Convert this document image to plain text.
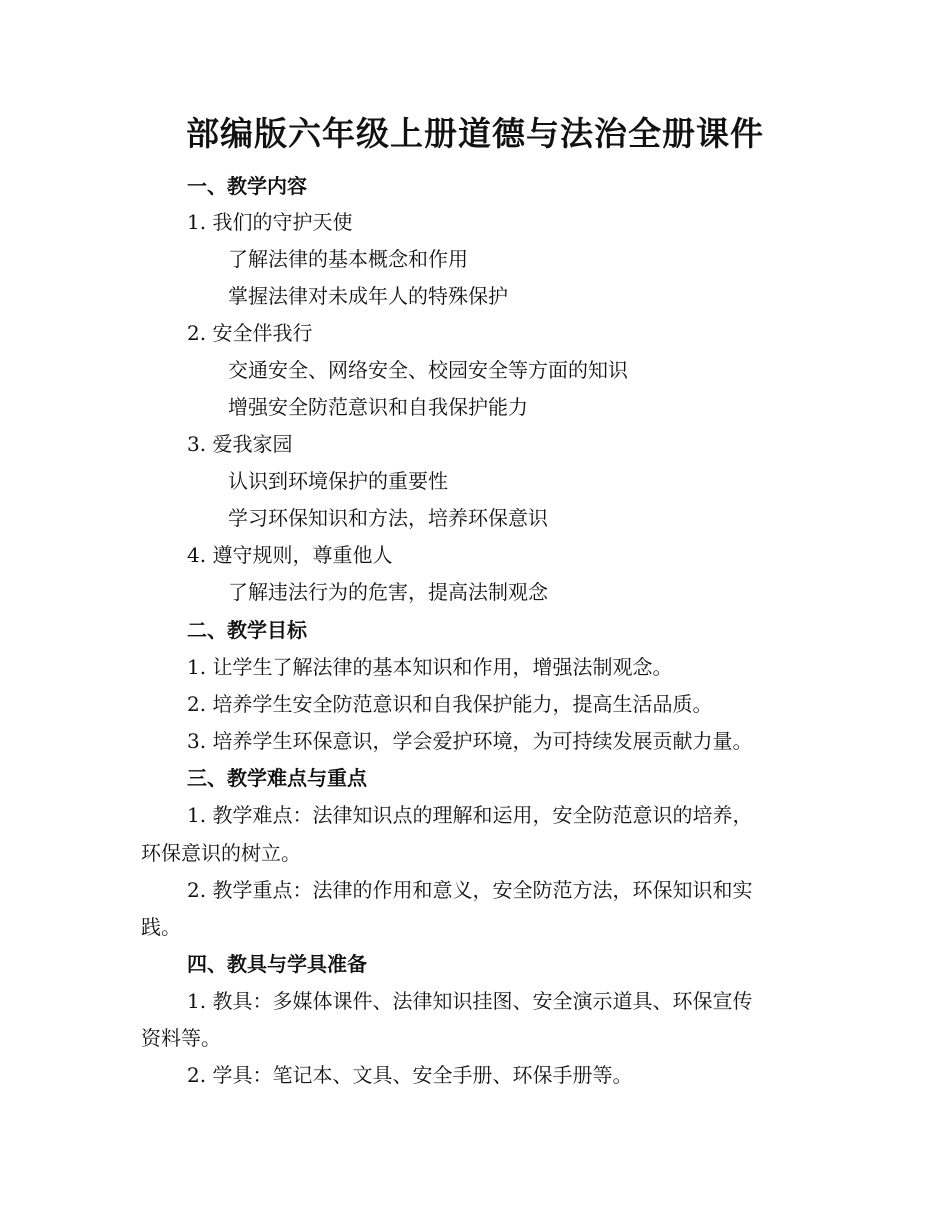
部编版六年级上册道德与法治全册课件
一、教学内容
1. 我们的守护天使
了解法律的基本概念和作用
掌握法律对未成年人的特殊保护
2. 安全伴我行
交通安全、网络安全、校园安全等方面的知识
增强安全防范意识和自我保护能力
3. 爱我家园
认识到环境保护的重要性
学习环保知识和方法，培养环保意识
4. 遵守规则，尊重他人
了解违法行为的危害，提高法制观念
二、教学目标
1. 让学生了解法律的基本知识和作用，增强法制观念。
2. 培养学生安全防范意识和自我保护能力，提高生活品质。
3. 培养学生环保意识，学会爱护环境，为可持续发展贡献力量。
三、教学难点与重点
1. 教学难点：法律知识点的理解和运用，安全防范意识的培养，
环保意识的树立。
2. 教学重点：法律的作用和意义，安全防范方法，环保知识和实
践。
四、教具与学具准备
1. 教具：多媒体课件、法律知识挂图、安全演示道具、环保宣传
资料等。
2. 学具：笔记本、文具、安全手册、环保手册等。
